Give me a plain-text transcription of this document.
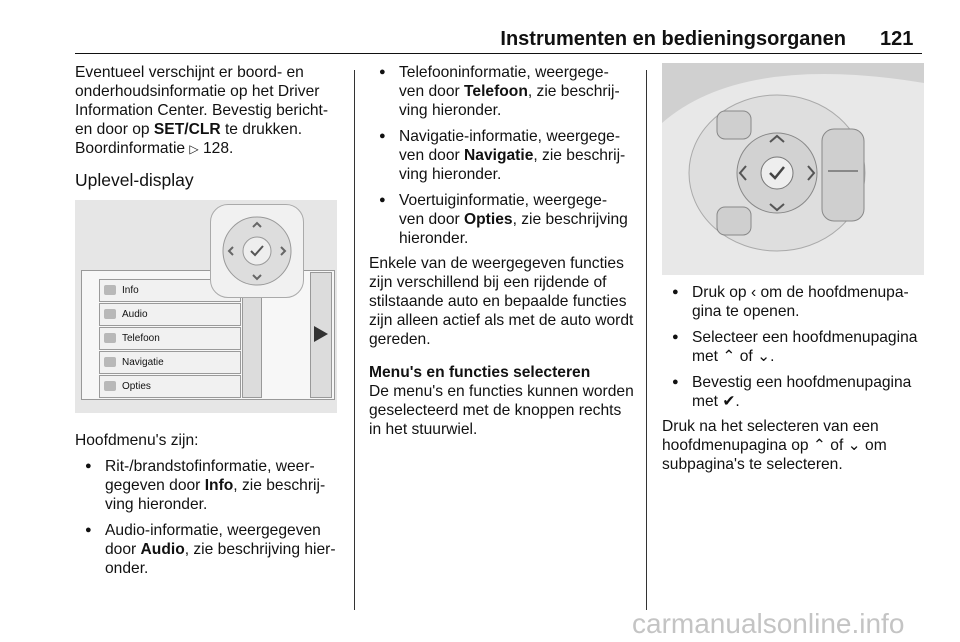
Instrumenten en bedieningsorganen 121

Eventueel verschijnt er boord- en onderhoudsinformatie op het Driver Information Center. Bevestig bericht- en door op SET/CLR te drukken.
Boordinformatie ▷ 128.

Uplevel-display

Info
Audio
Telefoon
Navigatie
Opties

Hoofdmenu's zijn:

● Rit-/brandstofinformatie, weer- gegeven door Info, zie beschrij- ving hieronder.
● Audio-informatie, weergegeven door Audio, zie beschrijving hier- onder.
● Telefooninformatie, weergege- ven door Telefoon, zie beschrij- ving hieronder.
● Navigatie-informatie, weergege- ven door Navigatie, zie beschrij- ving hieronder.
● Voertuiginformatie, weergege- ven door Opties, zie beschrijving hieronder.

Enkele van de weergegeven functies zijn verschillend bij een rijdende of stilstaande auto en bepaalde functies zijn alleen actief als met de auto wordt gereden.

Menu's en functies selecteren

De menu's en functies kunnen worden geselecteerd met de knoppen rechts in het stuurwiel.

● Druk op ‹ om de hoofdmenupa- gina te openen.
● Selecteer een hoofdmenupagina met ⌃ of ⌄.
● Bevestig een hoofdmenupagina met ✔.

Druk na het selecteren van een hoofdmenupagina op ⌃ of ⌄ om subpagina's te selecteren.

carmanualsonline.info
